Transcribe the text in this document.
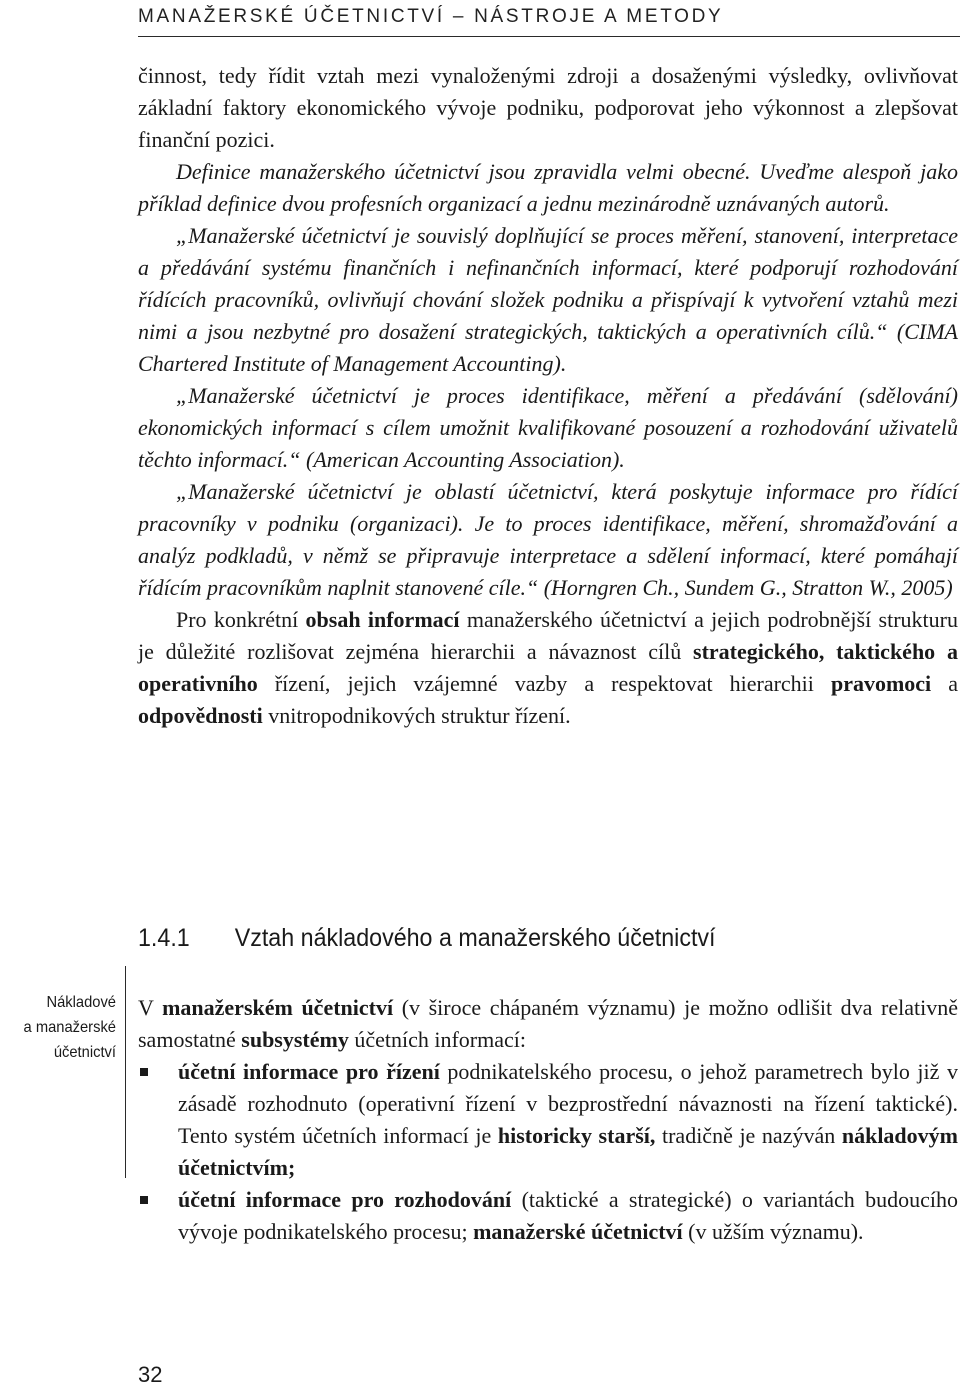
MANAŽERSKÉ ÚČETNICTVÍ – NÁSTROJE A METODY

činnost, tedy řídit vztah mezi vynaloženými zdroji a dosaženými výsledky, ovlivňovat základní faktory ekonomického vývoje podniku, podporovat jeho výkonnost a zlepšovat finanční pozici.

Definice manažerského účetnictví jsou zpravidla velmi obecné. Uveďme alespoň jako příklad definice dvou profesních organizací a jednu mezinárodně uznávaných autorů.

„Manažerské účetnictví je souvislý doplňující se proces měření, stanovení, interpretace a předávání systému finančních i nefinančních informací, které podporují rozhodování řídících pracovníků, ovlivňují chování složek podniku a přispívají k vytvoření vztahů mezi nimi a jsou nezbytné pro dosažení strategických, taktických a operativních cílů.“ (CIMA Chartered Institute of Management Accounting).

„Manažerské účetnictví je proces identifikace, měření a předávání (sdělování) ekonomických informací s cílem umožnit kvalifikované posouzení a rozhodování uživatelů těchto informací.“ (American Accounting Association).

„Manažerské účetnictví je oblastí účetnictví, která poskytuje informace pro řídící pracovníky v podniku (organizaci). Je to proces identifikace, měření, shromažďování a analýz podkladů, v němž se připravuje interpretace a sdělení informací, které pomáhají řídícím pracovníkům naplnit stanovené cíle.“ (Horngren Ch., Sundem G., Stratton W., 2005)

Pro konkrétní obsah informací manažerského účetnictví a jejich podrobnější strukturu je důležité rozlišovat zejména hierarchii a návaznost cílů strategického, taktického a operativního řízení, jejich vzájemné vazby a respektovat hierarchii pravomoci a odpovědnosti vnitropodnikových struktur řízení.

1.4.1 Vztah nákladového a manažerského účetnictví
Nákladové
a manažerské
účetnictví

V manažerském účetnictví (v široce chápaném významu) je možno odlišit dva relativně samostatné subsystémy účetních informací:

účetní informace pro řízení podnikatelského procesu, o jehož parametrech bylo již v zásadě rozhodnuto (operativní řízení v bezprostřední návaznosti na řízení taktické). Tento systém účetních informací je historicky starší, tradičně je nazýván nákladovým účetnictvím;
účetní informace pro rozhodování (taktické a strategické) o variantách budoucího vývoje podnikatelského procesu; manažerské účetnictví (v užším významu).
32
